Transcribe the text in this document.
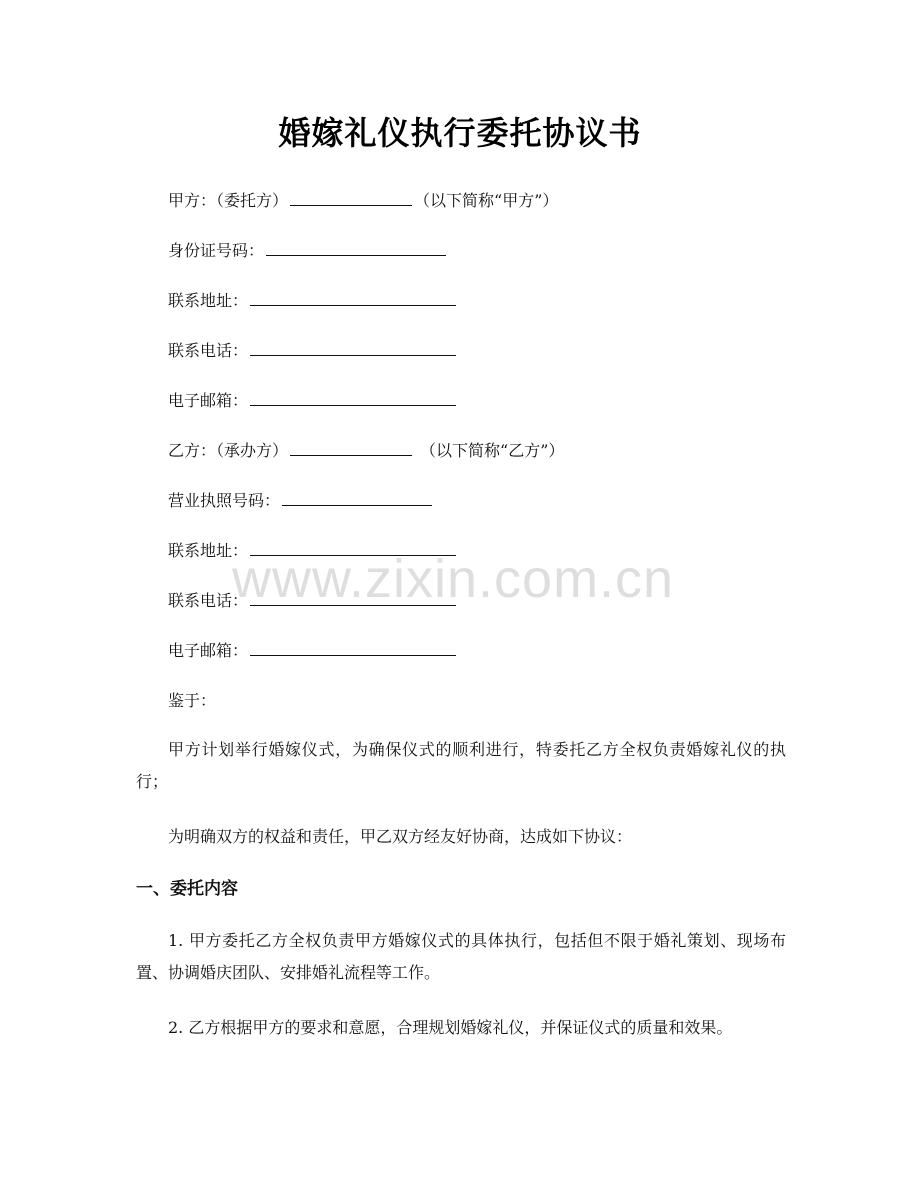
婚嫁礼仪执行委托协议书
甲方：（委托方）	（以下简称“甲方”）
身份证号码：
联系地址：
联系电话：
电子邮箱：
乙方：（承办方）	（以下简称“乙方”）
营业执照号码：
联系地址：
联系电话：
电子邮箱：
鉴于：
甲方计划举行婚嫁仪式，为确保仪式的顺利进行，特委托乙方全权负责婚嫁礼仪的执行；
为明确双方的权益和责任，甲乙双方经友好协商，达成如下协议：
一、委托内容
1. 甲方委托乙方全权负责甲方婚嫁仪式的具体执行，包括但不限于婚礼策划、现场布置、协调婚庆团队、安排婚礼流程等工作。
2. 乙方根据甲方的要求和意愿，合理规划婚嫁礼仪，并保证仪式的质量和效果。
www.zixin.com.cn
